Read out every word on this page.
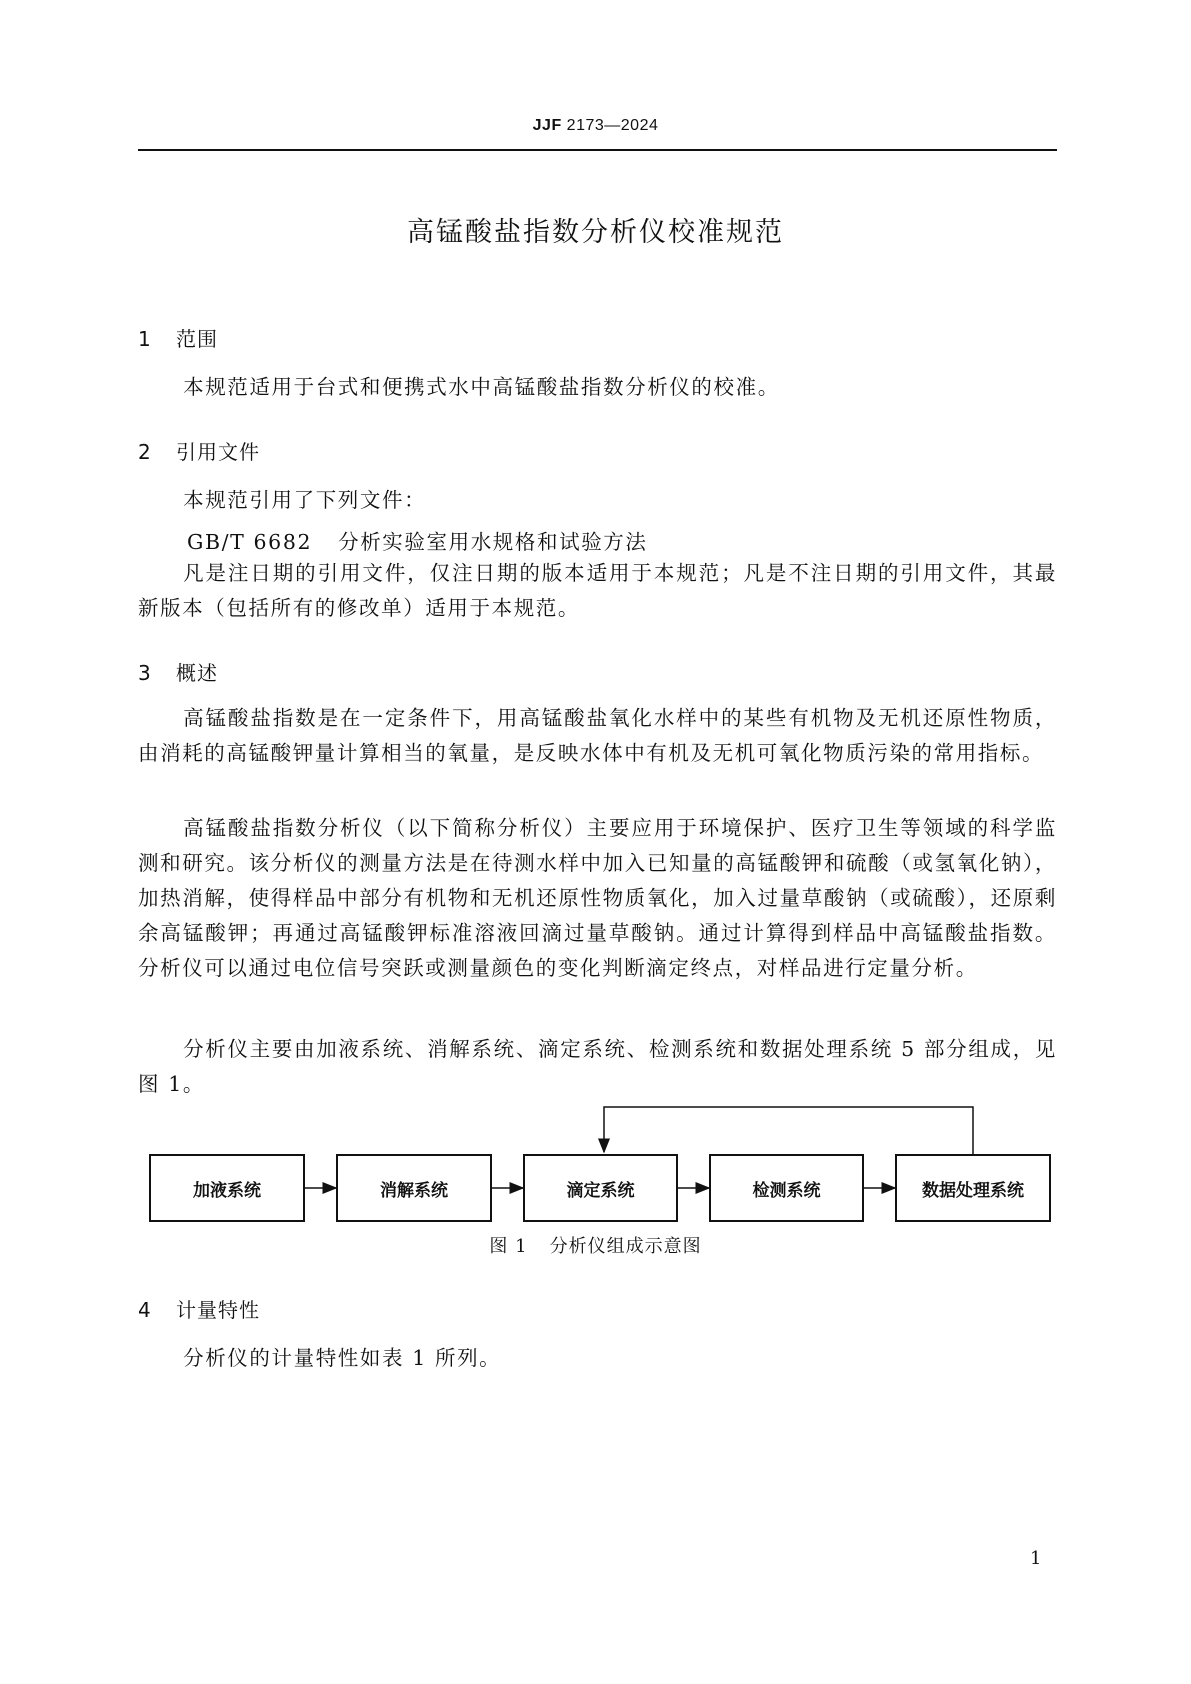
JJF 2173—2024
高锰酸盐指数分析仪校准规范
1 范围

本规范适用于台式和便携式水中高锰酸盐指数分析仪的校准。

2 引用文件

本规范引用了下列文件：

GB/T 6682 分析实验室用水规格和试验方法

凡是注日期的引用文件，仅注日期的版本适用于本规范；凡是不注日期的引用文件，其最新版本（包括所有的修改单）适用于本规范。

3 概述

高锰酸盐指数是在一定条件下，用高锰酸盐氧化水样中的某些有机物及无机还原性物质，由消耗的高锰酸钾量计算相当的氧量，是反映水体中有机及无机可氧化物质污染的常用指标。

高锰酸盐指数分析仪（以下简称分析仪）主要应用于环境保护、医疗卫生等领域的科学监测和研究。该分析仪的测量方法是在待测水样中加入已知量的高锰酸钾和硫酸（或氢氧化钠），加热消解，使得样品中部分有机物和无机还原性物质氧化，加入过量草酸钠（或硫酸），还原剩余高锰酸钾；再通过高锰酸钾标准溶液回滴过量草酸钠。通过计算得到样品中高锰酸盐指数。分析仪可以通过电位信号突跃或测量颜色的变化判断滴定终点，对样品进行定量分析。

分析仪主要由加液系统、消解系统、滴定系统、检测系统和数据处理系统 5 部分组成，见图 1。

加液系统	消解系统	滴定系统	检测系统	数据处理系统
图 1 分析仪组成示意图
4 计量特性

分析仪的计量特性如表 1 所列。

1
